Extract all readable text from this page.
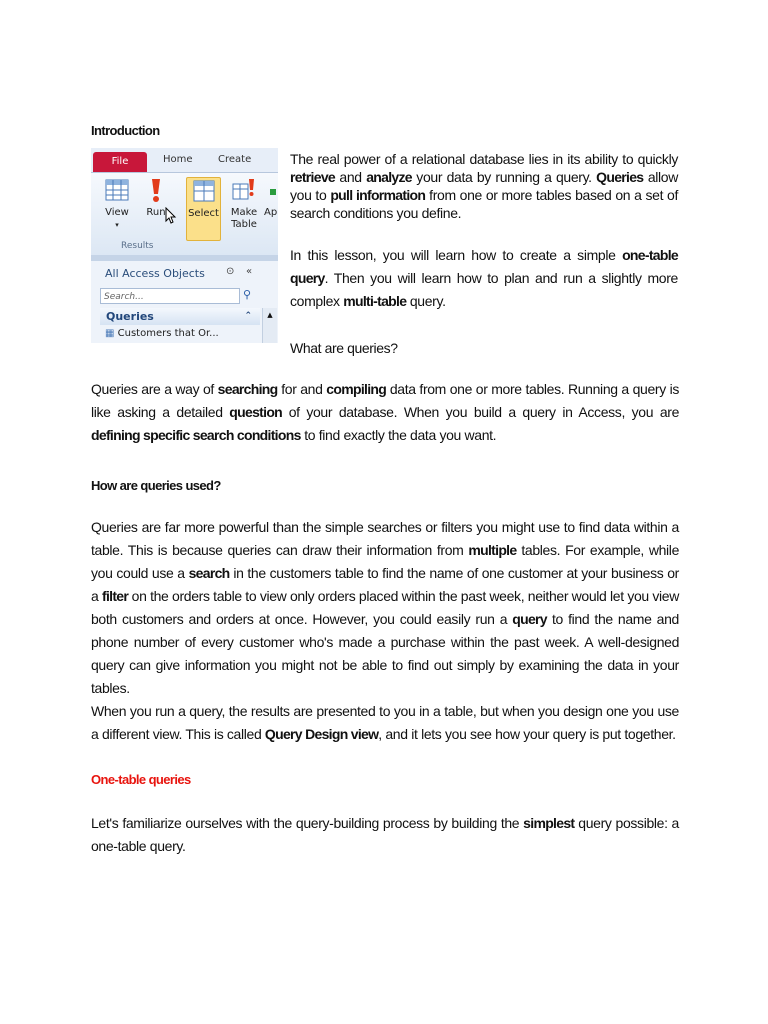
Introduction
What are queries?
How are queries used?
One-table queries
File	Home	Create
View
▾
Run	Select Make Table
Ap
Results
All Access Objects ⊙ «
Search...	⚲
Queries	⌃	▲
▦ Customers that Or...

The real power of a relational database lies in its ability to quickly retrieve and analyze your data by running a query. Queries allow you to pull information from one or more tables based on a set of search conditions you define.

In this lesson, you will learn how to create a simple one-table query. Then you will learn how to plan and run a slightly more complex multi-table query.

Queries are a way of searching for and compiling data from one or more tables. Running a query is like asking a detailed question of your database. When you build a query in Access, you are defining specific search conditions to find exactly the data you want.

Queries are far more powerful than the simple searches or filters you might use to find data within a table. This is because queries can draw their information from multiple tables. For example, while you could use a search in the customers table to find the name of one customer at your business or a filter on the orders table to view only orders placed within the past week, neither would let you view both customers and orders at once. However, you could easily run a query to find the name and phone number of every customer who's made a purchase within the past week. A well-designed query can give information you might not be able to find out simply by examining the data in your tables.

When you run a query, the results are presented to you in a table, but when you design one you use a different view. This is called Query Design view, and it lets you see how your query is put together.

Let's familiarize ourselves with the query-building process by building the simplest query possible: a one-table query.
